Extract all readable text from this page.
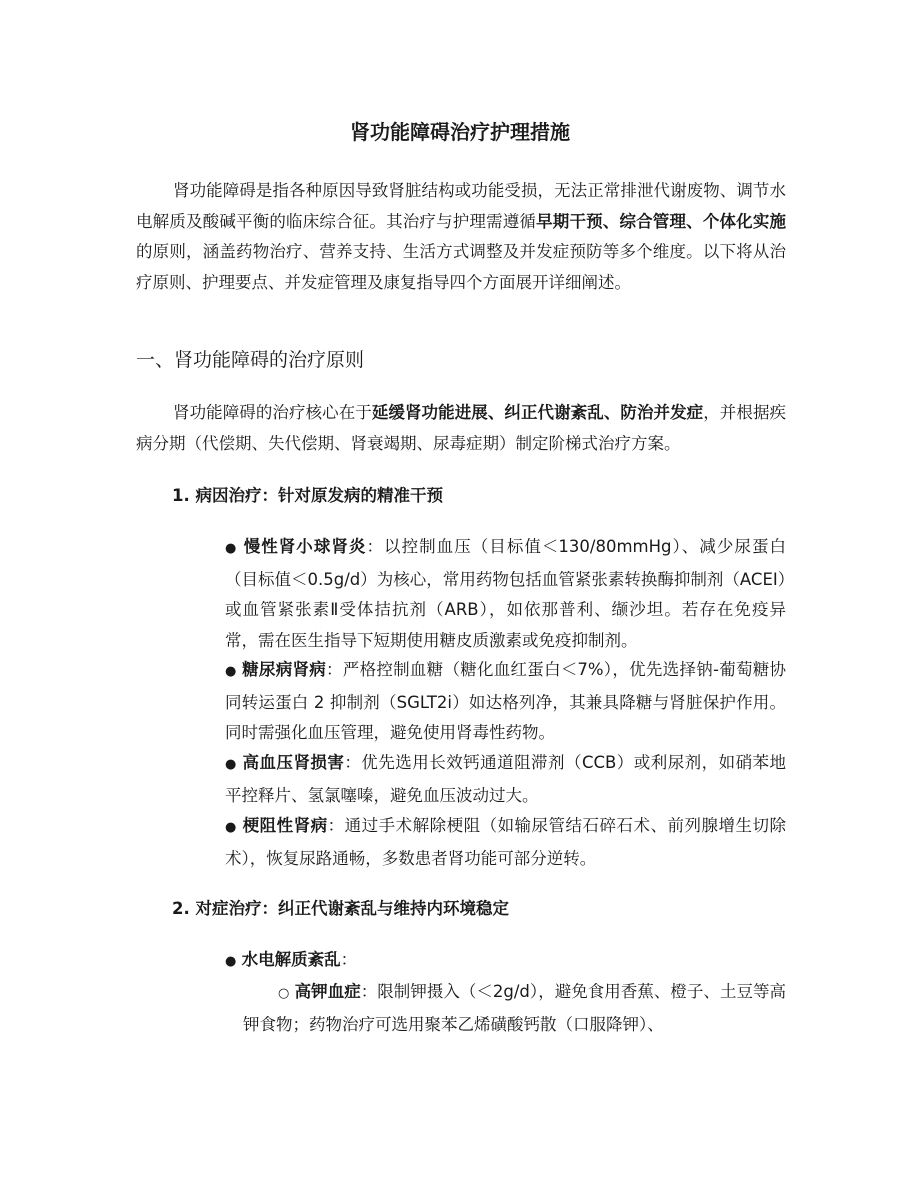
肾功能障碍治疗护理措施

肾功能障碍是指各种原因导致肾脏结构或功能受损，无法正常排泄代谢废物、调节水电解质及酸碱平衡的临床综合征。其治疗与护理需遵循早期干预、综合管理、个体化实施的原则，涵盖药物治疗、营养支持、生活方式调整及并发症预防等多个维度。以下将从治疗原则、护理要点、并发症管理及康复指导四个方面展开详细阐述。

一、肾功能障碍的治疗原则

肾功能障碍的治疗核心在于延缓肾功能进展、纠正代谢紊乱、防治并发症，并根据疾病分期（代偿期、失代偿期、肾衰竭期、尿毒症期）制定阶梯式治疗方案。

1. 病因治疗：针对原发病的精准干预

● 慢性肾小球肾炎：以控制血压（目标值＜130/80mmHg）、减少尿蛋白（目标值＜0.5g/d）为核心，常用药物包括血管紧张素转换酶抑制剂（ACEI）或血管紧张素Ⅱ受体拮抗剂（ARB），如依那普利、缬沙坦。若存在免疫异常，需在医生指导下短期使用糖皮质激素或免疫抑制剂。

● 糖尿病肾病：严格控制血糖（糖化血红蛋白＜7%），优先选择钠-葡萄糖协同转运蛋白 2 抑制剂（SGLT2i）如达格列净，其兼具降糖与肾脏保护作用。同时需强化血压管理，避免使用肾毒性药物。

● 高血压肾损害：优先选用长效钙通道阻滞剂（CCB）或利尿剂，如硝苯地平控释片、氢氯噻嗪，避免血压波动过大。

● 梗阻性肾病：通过手术解除梗阻（如输尿管结石碎石术、前列腺增生切除术），恢复尿路通畅，多数患者肾功能可部分逆转。

2. 对症治疗：纠正代谢紊乱与维持内环境稳定

● 水电解质紊乱：

○ 高钾血症：限制钾摄入（＜2g/d），避免食用香蕉、橙子、土豆等高钾食物；药物治疗可选用聚苯乙烯磺酸钙散（口服降钾）、
